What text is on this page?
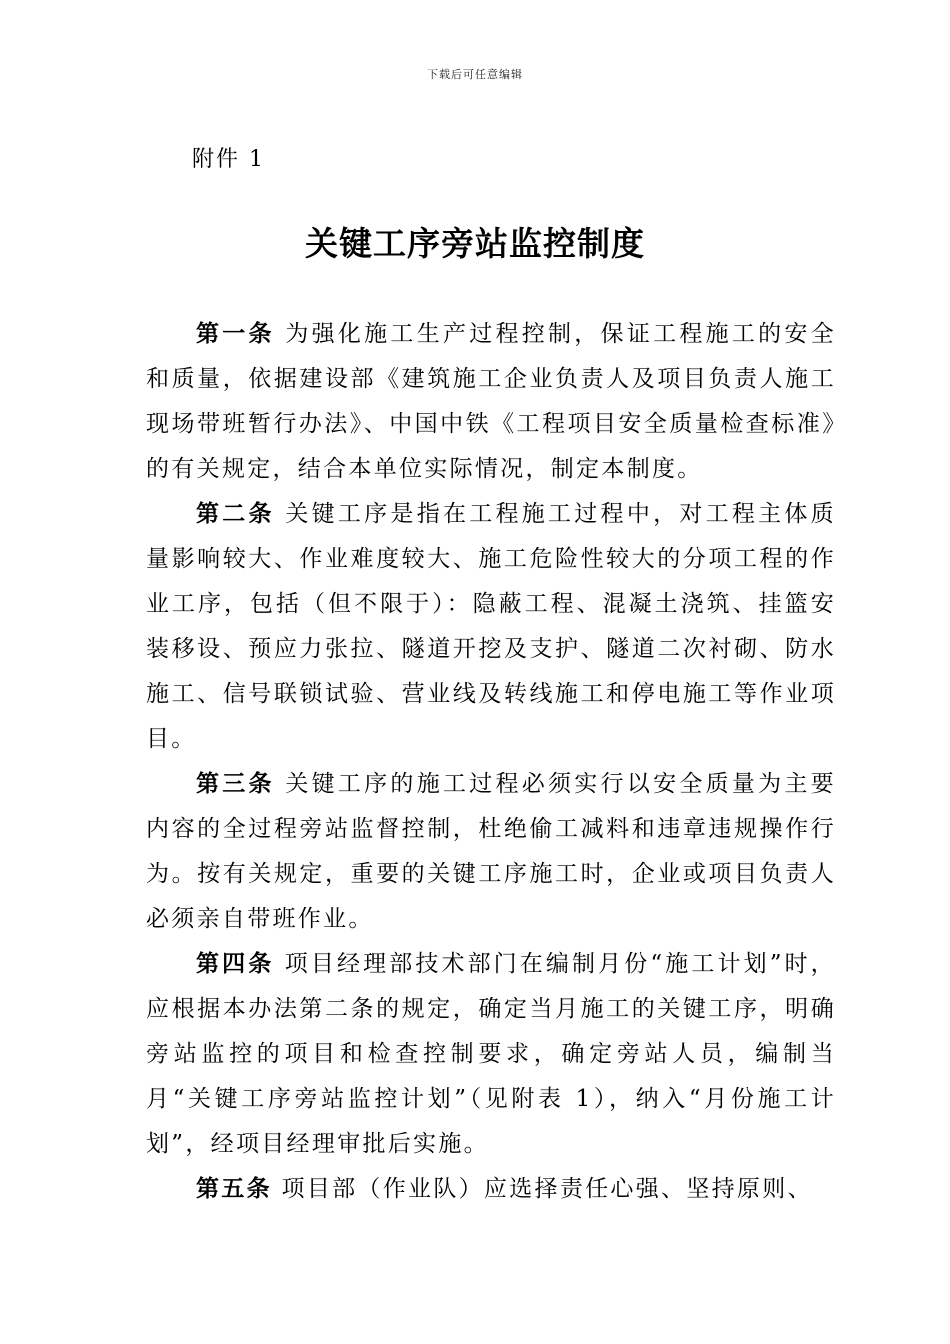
下载后可任意编辑
附件 1
关键工序旁站监控制度

第一条 为强化施工生产过程控制，保证工程施工的安全和质量，依据建设部《建筑施工企业负责人及项目负责人施工现场带班暂行办法》、中国中铁《工程项目安全质量检查标准》的有关规定，结合本单位实际情况，制定本制度。

第二条 关键工序是指在工程施工过程中，对工程主体质量影响较大、作业难度较大、施工危险性较大的分项工程的作业工序，包括（但不限于）：隐蔽工程、混凝土浇筑、挂篮安装移设、预应力张拉、隧道开挖及支护、隧道二次衬砌、防水施工、信号联锁试验、营业线及转线施工和停电施工等作业项目。

第三条 关键工序的施工过程必须实行以安全质量为主要内容的全过程旁站监督控制，杜绝偷工减料和违章违规操作行为。按有关规定，重要的关键工序施工时，企业或项目负责人必须亲自带班作业。

第四条 项目经理部技术部门在编制月份“施工计划”时，应根据本办法第二条的规定，确定当月施工的关键工序，明确旁站监控的项目和检查控制要求，确定旁站人员，编制当月“关键工序旁站监控计划”（见附表 1），纳入“月份施工计划”，经项目经理审批后实施。

第五条 项目部（作业队）应选择责任心强、坚持原则、
